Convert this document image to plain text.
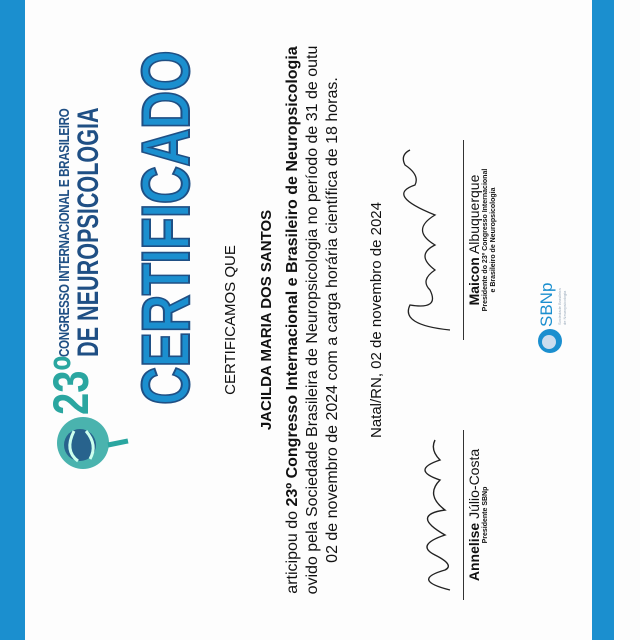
23º
CONGRESSO INTERNACIONAL E BRASILEIRO DE NEUROPSICOLOGIA CERTIFICADO CERTIFICAMOS QUE JACILDA MARIA DOS SANTOS
articipou do 23º Congresso Internacional e Brasileiro de Neuropsicologia ovido pela Sociedade Brasileira de Neuropsicologia no período de 31 de outu 02 de novembro de 2024 com a carga horária científica de 18 horas. Natal/RN, 02 de novembro de 2024
Annelise Júlio-Costa Presidente SBNp
Maicon Albuquerque Presidente do 23º Congresso Internacional e Brasileiro de Neuropsicologia
SBNp Sociedade Brasileira de Neuropsicologia
